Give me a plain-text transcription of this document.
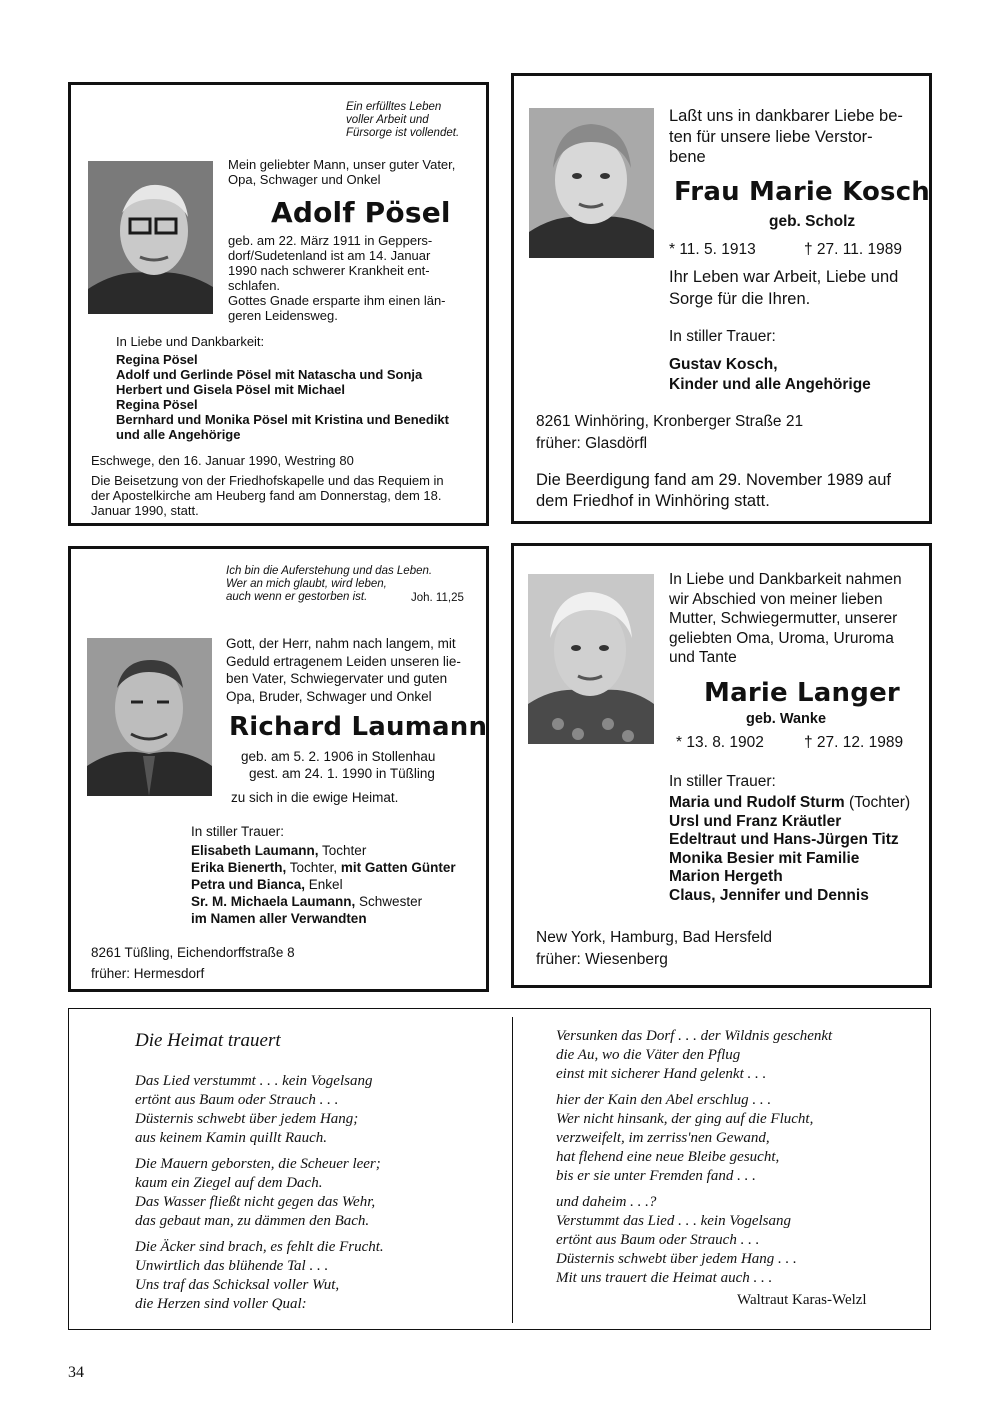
Ein erfülltes Leben
voller Arbeit und
Fürsorge ist vollendet.
Mein geliebter Mann, unser guter Vater,
Opa, Schwager und Onkel
Adolf Pösel
geb. am 22. März 1911 in Geppers-
dorf/Sudetenland ist am 14. Januar
1990 nach schwerer Krankheit ent-
schlafen.
Gottes Gnade ersparte ihm einen län-
geren Leidensweg.
In Liebe und Dankbarkeit:
Regina Pösel
Adolf und Gerlinde Pösel mit Natascha und Sonja
Herbert und Gisela Pösel mit Michael
Regina Pösel
Bernhard und Monika Pösel mit Kristina und Benedikt
und alle Angehörige
Eschwege, den 16. Januar 1990, Westring 80
Die Beisetzung von der Friedhofskapelle und das Requiem in
der Apostelkirche am Heuberg fand am Donnerstag, dem 18.
Januar 1990, statt.
Laßt uns in dankbarer Liebe be-
ten für unsere liebe Verstor-
bene
Frau Marie Kosch
geb. Scholz
* 11. 5. 1913	† 27. 11. 1989
Ihr Leben war Arbeit, Liebe und
Sorge für die Ihren.
In stiller Trauer:
Gustav Kosch,
Kinder und alle Angehörige
8261 Winhöring, Kronberger Straße 21
früher: Glasdörfl
Die Beerdigung fand am 29. November 1989 auf
dem Friedhof in Winhöring statt.
Ich bin die Auferstehung und das Leben.
Wer an mich glaubt, wird leben,
auch wenn er gestorben ist.	Joh. 11,25
Gott, der Herr, nahm nach langem, mit
Geduld ertragenem Leiden unseren lie-
ben Vater, Schwiegervater und guten
Opa, Bruder, Schwager und Onkel
Richard Laumann
geb. am 5. 2. 1906 in Stollenhau
gest. am 24. 1. 1990 in Tüßling
zu sich in die ewige Heimat.
In stiller Trauer:
Elisabeth Laumann, Tochter
Erika Bienerth, Tochter, mit Gatten Günter
Petra und Bianca, Enkel
Sr. M. Michaela Laumann, Schwester
im Namen aller Verwandten
8261 Tüßling, Eichendorffstraße 8
früher: Hermesdorf
In Liebe und Dankbarkeit nahmen
wir Abschied von meiner lieben
Mutter, Schwiegermutter, unserer
geliebten Oma, Uroma, Ururoma
und Tante
Marie Langer
geb. Wanke
* 13. 8. 1902	† 27. 12. 1989
In stiller Trauer:
Maria und Rudolf Sturm (Tochter)
Ursl und Franz Kräutler
Edeltraut und Hans-Jürgen Titz
Monika Besier mit Familie
Marion Hergeth
Claus, Jennifer und Dennis
New York, Hamburg, Bad Hersfeld
früher: Wiesenberg
Die Heimat trauert

Das Lied verstummt . . . kein Vogelsang
ertönt aus Baum oder Strauch . . .
Düsternis schwebt über jedem Hang;
aus keinem Kamin quillt Rauch.

Die Mauern geborsten, die Scheuer leer;
kaum ein Ziegel auf dem Dach.
Das Wasser fließt nicht gegen das Wehr,
das gebaut man, zu dämmen den Bach.

Die Äcker sind brach, es fehlt die Frucht.
Unwirtlich das blühende Tal . . .
Uns traf das Schicksal voller Wut,
die Herzen sind voller Qual:

Versunken das Dorf . . . der Wildnis geschenkt
die Au, wo die Väter den Pflug
einst mit sicherer Hand gelenkt . . .

hier der Kain den Abel erschlug . . .
Wer nicht hinsank, der ging auf die Flucht,
verzweifelt, im zerriss'nen Gewand,
hat flehend eine neue Bleibe gesucht,
bis er sie unter Fremden fand . . .

und daheim . . .?
Verstummt das Lied . . . kein Vogelsang
ertönt aus Baum oder Strauch . . .
Düsternis schwebt über jedem Hang . . .
Mit uns trauert die Heimat auch . . .

Waltraut Karas-Welzl
34
